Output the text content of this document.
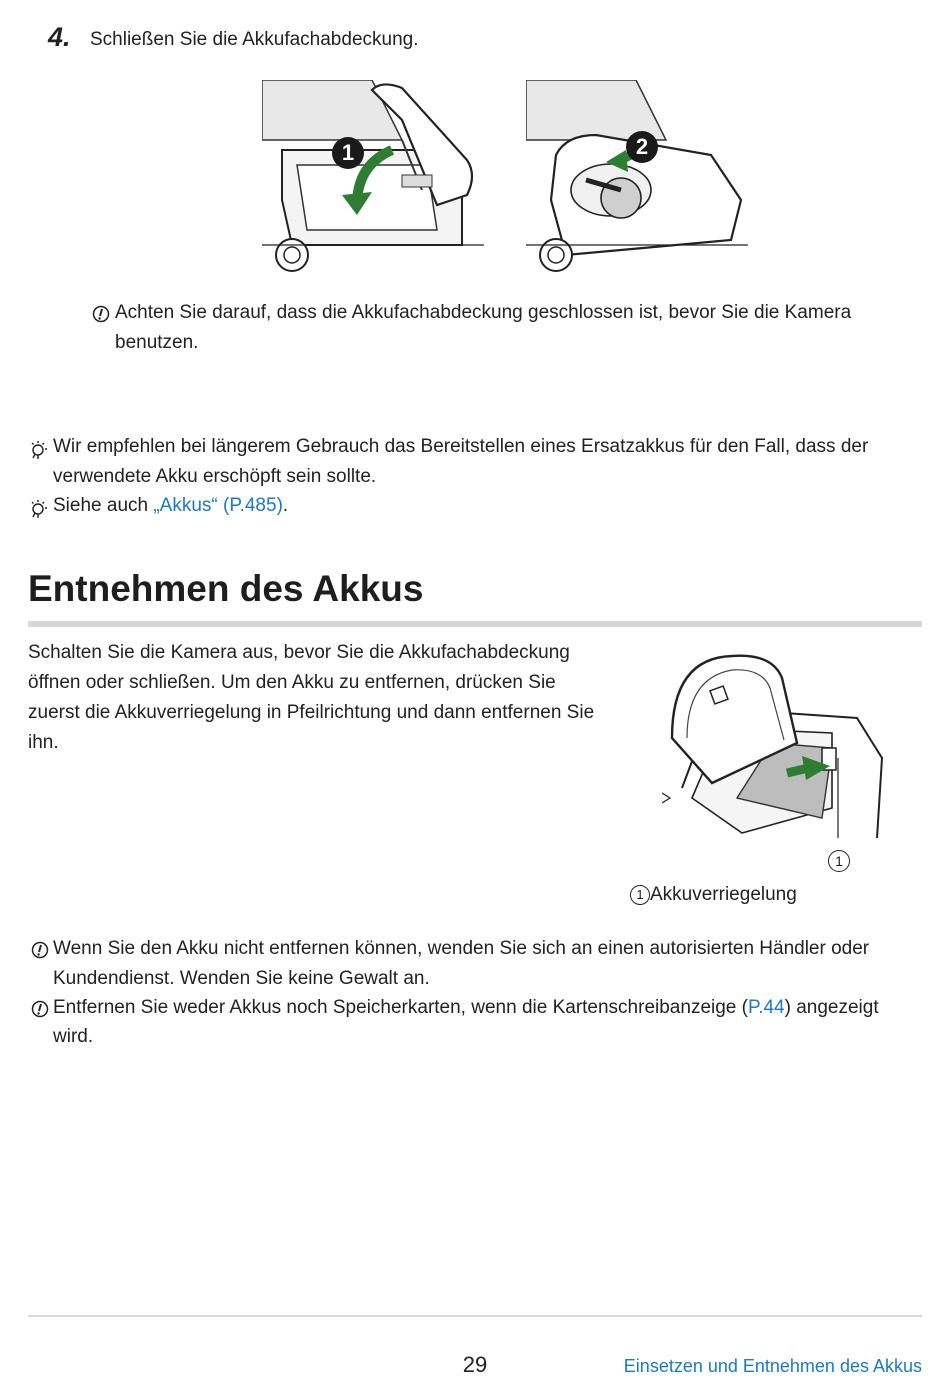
4. Schließen Sie die Akkufachabdeckung.
1	2
Achten Sie darauf, dass die Akkufachabdeckung geschlossen ist, bevor Sie die Kamera
benutzen.
Wir empfehlen bei längerem Gebrauch das Bereitstellen eines Ersatzakkus für den Fall, dass der
verwendete Akku erschöpft sein sollte.
Siehe auch „Akkus“ (P.485).
Entnehmen des Akkus
Schalten Sie die Kamera aus, bevor Sie die Akkufachabdeckung
öffnen oder schließen. Um den Akku zu entfernen, drücken Sie
zuerst die Akkuverriegelung in Pfeilrichtung und dann entfernen Sie
ihn.
1
1 Akkuverriegelung
Wenn Sie den Akku nicht entfernen können, wenden Sie sich an einen autorisierten Händler oder
Kundendienst. Wenden Sie keine Gewalt an.
Entfernen Sie weder Akkus noch Speicherkarten, wenn die Kartenschreibanzeige (P.44) angezeigt
wird.
29	Einsetzen und Entnehmen des Akkus
